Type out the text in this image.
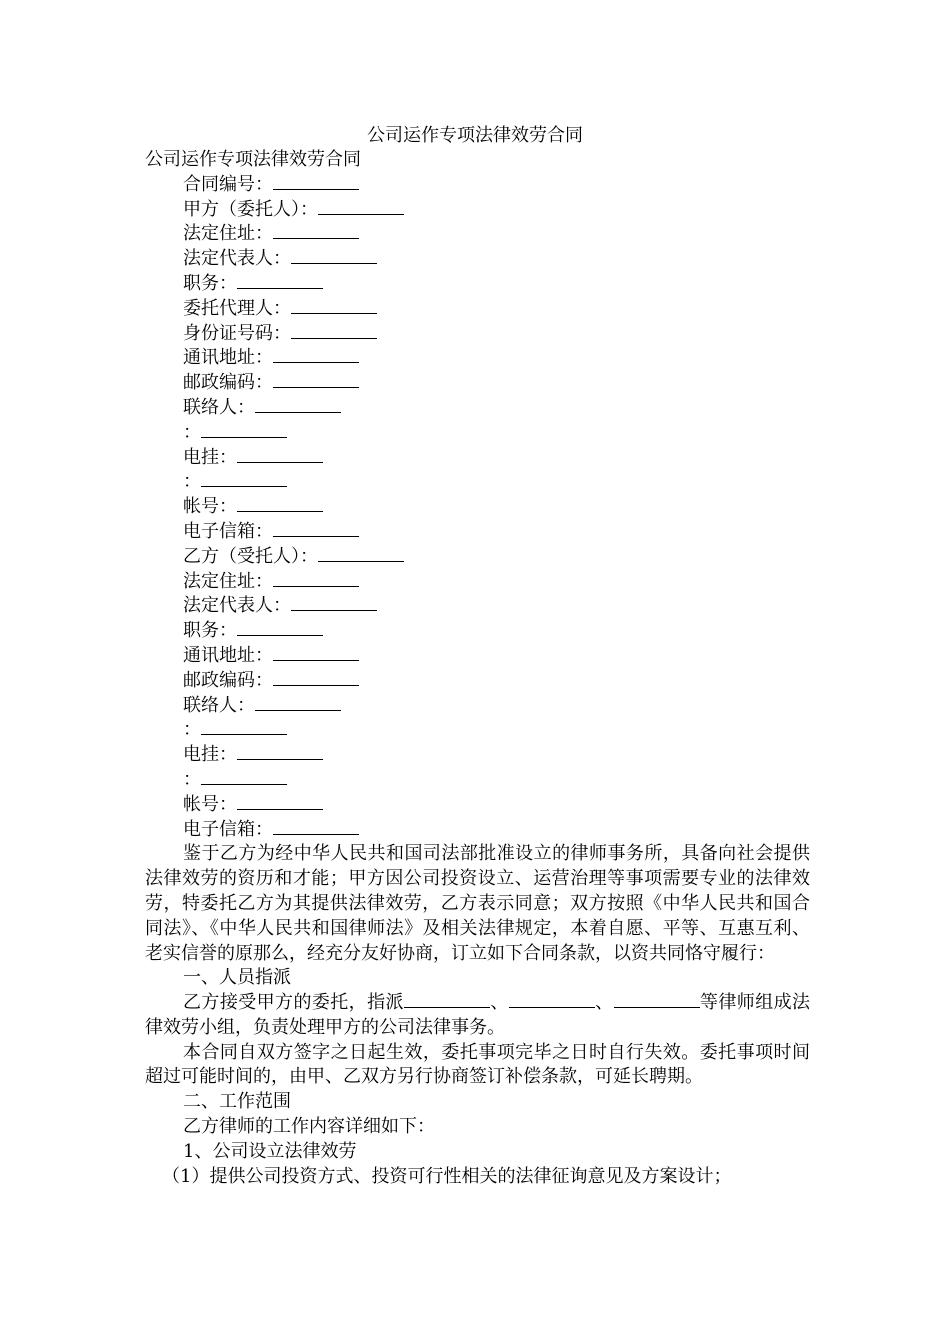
公司运作专项法律效劳合同
公司运作专项法律效劳合同
合同编号：
甲方（委托人）：
法定住址：
法定代表人：
职务：
委托代理人：
身份证号码：
通讯地址：
邮政编码：
联络人：
：
电挂：
：
帐号：
电子信箱：
乙方（受托人）：
法定住址：
法定代表人：
职务：
通讯地址：
邮政编码：
联络人：
：
电挂：
：
帐号：
电子信箱：
鉴于乙方为经中华人民共和国司法部批准设立的律师事务所，具备向社会提供法律效劳的资历和才能；甲方因公司投资设立、运营治理等事项需要专业的法律效劳，特委托乙方为其提供法律效劳，乙方表示同意；双方按照《中华人民共和国合同法》、《中华人民共和国律师法》及相关法律规定，本着自愿、平等、互惠互利、老实信誉的原那么，经充分友好协商，订立如下合同条款，以资共同恪守履行：
一、人员指派
乙方接受甲方的委托，指派	、	、	等律师组成法律效劳小组，负责处理甲方的公司法律事务。
本合同自双方签字之日起生效，委托事项完毕之日时自行失效。委托事项时间超过可能时间的，由甲、乙双方另行协商签订补偿条款，可延长聘期。
二、工作范围
乙方律师的工作内容详细如下：
1、公司设立法律效劳
（1）提供公司投资方式、投资可行性相关的法律征询意见及方案设计；
